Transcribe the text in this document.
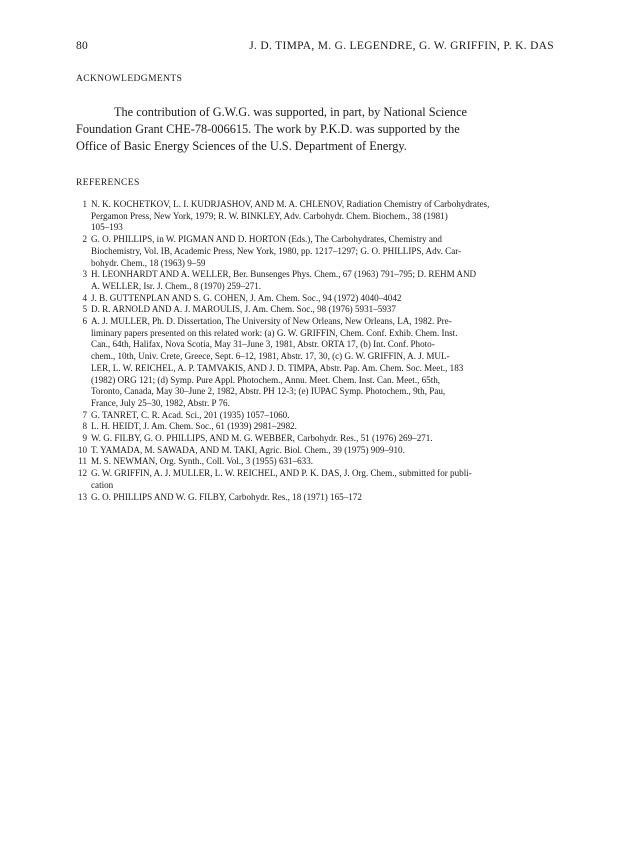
80	J. D. TIMPA, M. G. LEGENDRE, G. W. GRIFFIN, P. K. DAS
ACKNOWLEDGMENTS
The contribution of G.W.G. was supported, in part, by National Science
Foundation Grant CHE-78-006615. The work by P.K.D. was supported by the
Office of Basic Energy Sciences of the U.S. Department of Energy.
REFERENCES
1 N. K. KOCHETKOV, L. I. KUDRJASHOV, AND M. A. CHLENOV, Radiation Chemistry of Carbohydrates,
Pergamon Press, New York, 1979; R. W. BINKLEY, Adv. Carbohydr. Chem. Biochem., 38 (1981)
105–193
2 G. O. PHILLIPS, in W. PIGMAN AND D. HORTON (Eds.), The Carbohydrates, Chemistry and
Biochemistry, Vol. IB, Academic Press, New York, 1980, pp. 1217–1297; G. O. PHILLIPS, Adv. Car-
bohydr. Chem., 18 (1963) 9–59
3 H. LEONHARDT AND A. WELLER, Ber. Bunsenges Phys. Chem., 67 (1963) 791–795; D. REHM AND
A. WELLER, Isr. J. Chem., 8 (1970) 259–271.
4 J. B. GUTTENPLAN AND S. G. COHEN, J. Am. Chem. Soc., 94 (1972) 4040–4042
5 D. R. ARNOLD AND A. J. MAROULIS, J. Am. Chem. Soc., 98 (1976) 5931–5937
6 A. J. MULLER, Ph. D. Dissertation, The University of New Orleans, New Orleans, LA, 1982. Pre-
liminary papers presented on this related work: (a) G. W. GRIFFIN, Chem. Conf. Exhib. Chem. Inst.
Can., 64th, Halifax, Nova Scotia, May 31–June 3, 1981, Abstr. ORTA 17, (b) Int. Conf. Photo-
chem., 10th, Univ. Crete, Greece, Sept. 6–12, 1981, Abstr. 17, 30, (c) G. W. GRIFFIN, A. J. MUL-
LER, L. W. REICHEL, A. P. TAMVAKIS, AND J. D. TIMPA, Abstr. Pap. Am. Chem. Soc. Meet., 183
(1982) ORG 121; (d) Symp. Pure Appl. Photochem., Annu. Meet. Chem. Inst. Can. Meet., 65th,
Toronto, Canada, May 30–June 2, 1982, Abstr. PH 12-3; (e) IUPAC Symp. Photochem., 9th, Pau,
France, July 25–30, 1982, Abstr. P 76.
7 G. TANRET, C. R. Acad. Sci., 201 (1935) 1057–1060.
8 L. H. HEIDT, J. Am. Chem. Soc., 61 (1939) 2981–2982.
9 W. G. FILBY, G. O. PHILLIPS, AND M. G. WEBBER, Carbohydr. Res., 51 (1976) 269–271.
10 T. YAMADA, M. SAWADA, AND M. TAKI, Agric. Biol. Chem., 39 (1975) 909–910.
11 M. S. NEWMAN, Org. Synth., Coll. Vol., 3 (1955) 631–633.
12 G. W. GRIFFIN, A. J. MULLER, L. W. REICHEL, AND P. K. DAS, J. Org. Chem., submitted for publi-
cation
13 G. O. PHILLIPS AND W. G. FILBY, Carbohydr. Res., 18 (1971) 165–172
